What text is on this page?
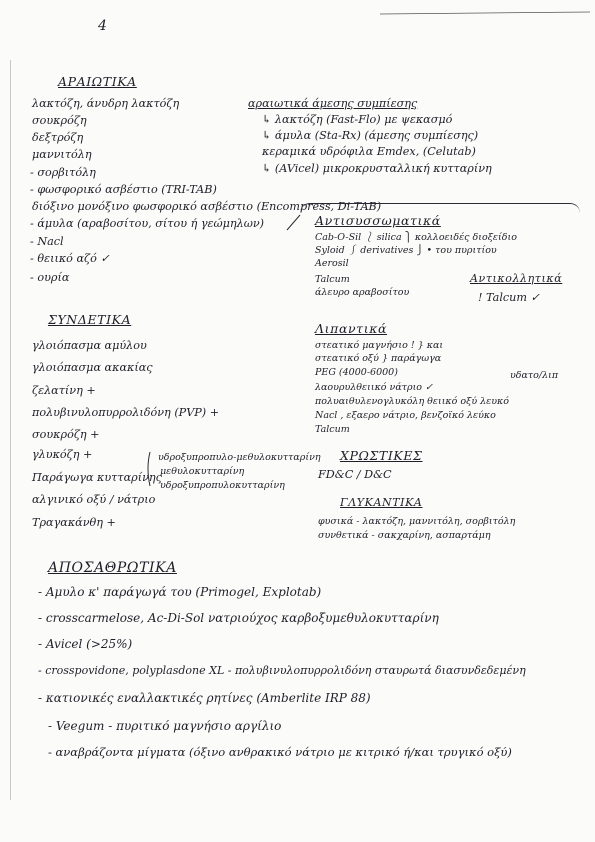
4
ΑΡΑΙΩΤΙΚΑ
λακτόζη, άνυδρη λακτόζη
σουκρόζη
δεξτρόζη
μαννιτόλη
- σορβιτόλη
- φωσφορικό ασβέστιο (TRI-TAB)
διόξινο μονόξινο φωσφορικό ασβέστιο (Encompress, Di-TAB)
- άμυλα (αραβοσίτου, σίτου ή γεώμηλων)
- Nacl
- θειικό αζό ✓
- ουρία
αραιωτικά άμεσης συμπίεσης
↳ λακτόζη (Fast-Flo) με ψεκασμό
↳ άμυλα (Sta-Rx) (άμεσης συμπίεσης)
κεραμικά υδρόφιλα Emdex, (Celutab)
↳ (AVicel) μικροκρυσταλλική κυτταρίνη
Αντισυσσωματικά
Cab-O-Sil ⎱ silica ⎫ κολλοειδές διοξείδιο
Syloid ⎰ derivatives ⎭ • του πυριτίου
Aerosil
Talcum
άλευρο αραβοσίτου
Αντικολλητικά
! Talcum ✓
Λιπαντικά
στεατικό μαγνήσιο ! } και
στεατικό οξύ } παράγωγα
PEG (4000-6000)
λαουρυλθειικό νάτριο ✓
πολυαιθυλενογλυκόλη θειικό οξύ λευκό
Nacl , εξαερο νάτριο, βενζοϊκό λεύκο
Talcum
υδατο/λιπ
ΧΡΩΣΤΙΚΕΣ
FD&C / D&C
ΓΛΥΚΑΝΤΙΚΑ
φυσικά - λακτόζη, μαννιτόλη, σορβιτόλη
συνθετικά - σακχαρίνη, ασπαρτάμη
ΣΥΝΔΕΤΙΚΑ
γλοιόπασμα αμύλου
γλοιόπασμα ακακίας
ζελατίνη +
πολυβινυλοπυρρολιδόνη (PVP) +
σουκρόζη +
γλυκόζη +
Παράγωγα κυτταρίνης
υδροξυπροπυλο-μεθυλοκυτταρίνη
μεθυλοκυτταρίνη
υδροξυπροπυλοκυτταρίνη
αλγινικό οξύ / νάτριο
Τραγακάνθη +
ΑΠΟΣΑΘΡΩΤΙΚΑ
- Αμυλο κ' παράγωγά του (Primogel, Explotab)
- crosscarmelose, Ac-Di-Sol νατριούχος καρβοξυμεθυλοκυτταρίνη
- Avicel (>25%)
- crosspovidone, polyplasdone XL - πολυβινυλοπυρρολιδόνη σταυρωτά διασυνδεδεμένη
- κατιονικές εναλλακτικές ρητίνες (Amberlite IRP 88)
- Veegum - πυριτικό μαγνήσιο αργίλιο
- αναβράζοντα μίγματα (όξινο ανθρακικό νάτριο με κιτρικό ή/και τρυγικό οξύ)
